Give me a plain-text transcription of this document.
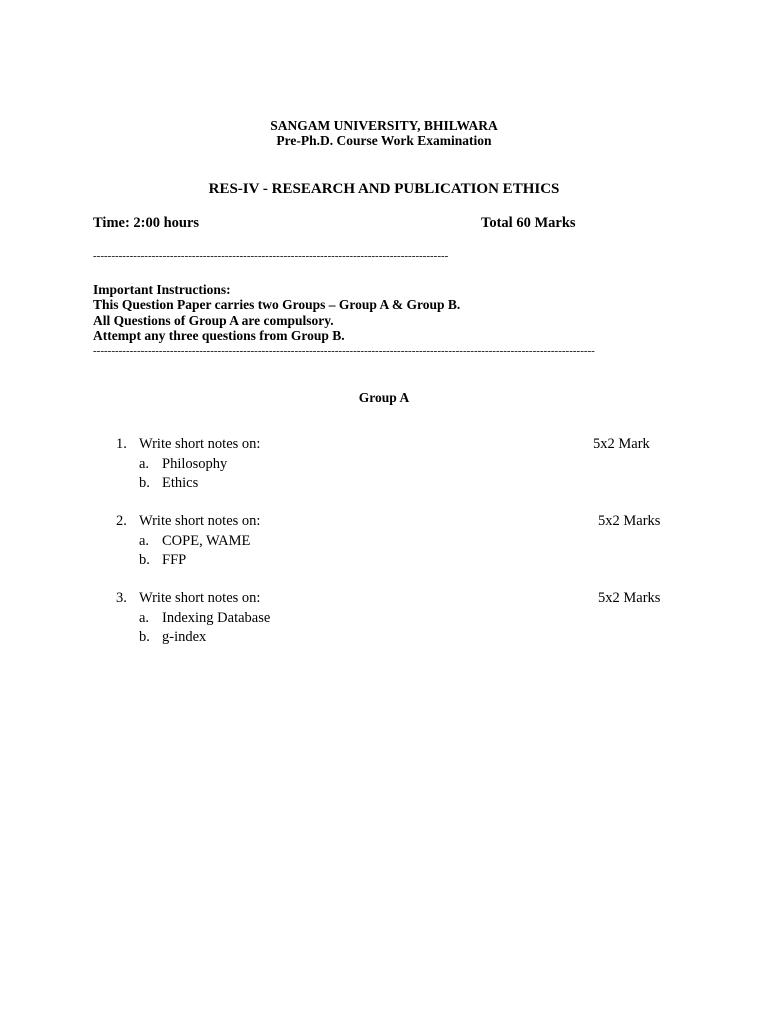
SANGAM UNIVERSITY, BHILWARA
Pre-Ph.D. Course Work Examination
RES-IV - RESEARCH AND PUBLICATION ETHICS
Time: 2:00 hours	Total 60 Marks
-------------------------------------------------------------------------------------------------
Important Instructions:
This Question Paper carries two Groups – Group A & Group B.
All Questions of Group A are compulsory.
Attempt any three questions from Group B.
-----------------------------------------------------------------------------------------------------------------------------------------
Group A
1. Write short notes on:	5x2 Mark
a. Philosophy
b. Ethics
2. Write short notes on:	5x2 Marks
a. COPE, WAME
b. FFP
3. Write short notes on:	5x2 Marks
a. Indexing Database
b. g-index
